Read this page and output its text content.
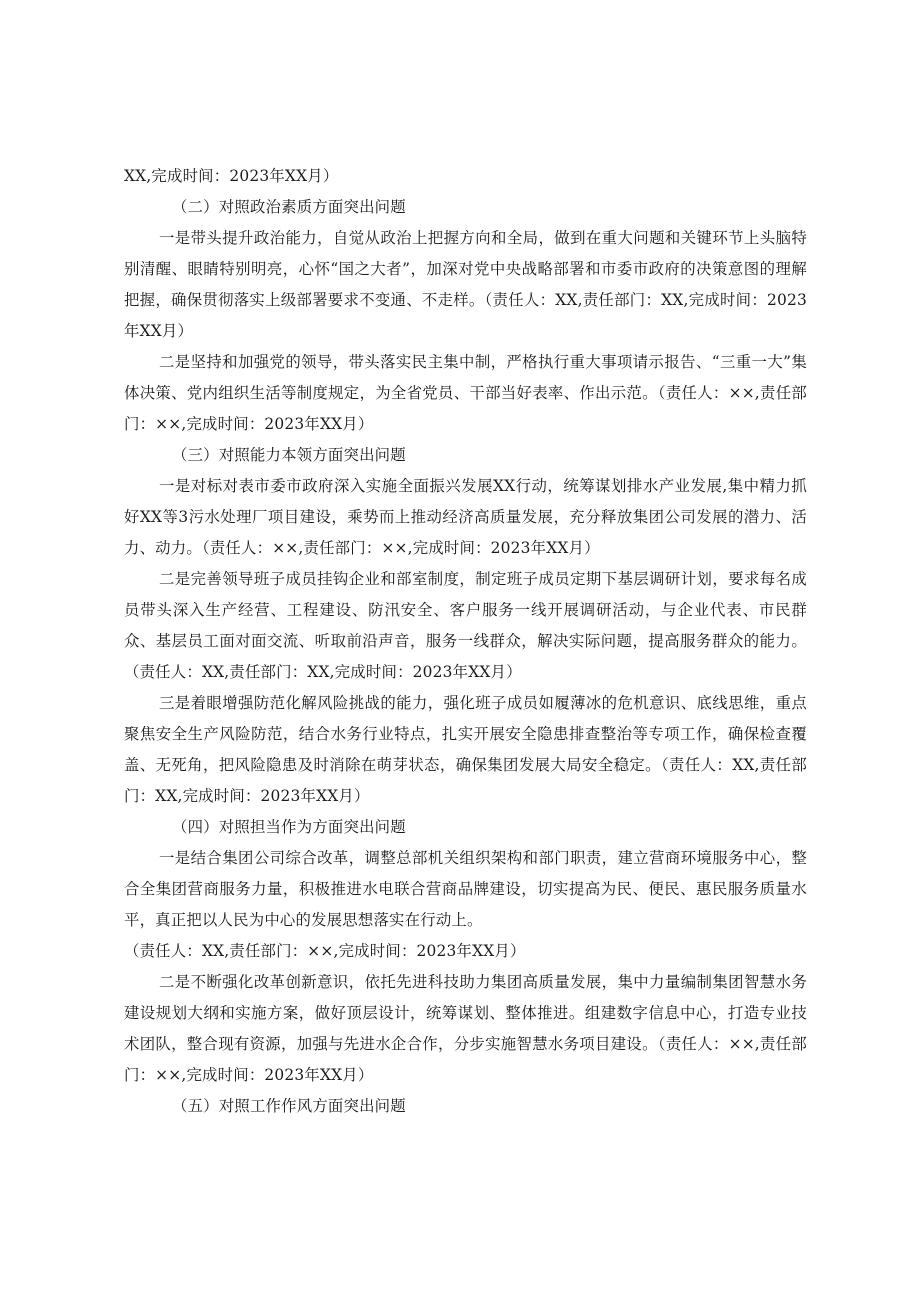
XX,完成时间：2023年XX月）

（二）对照政治素质方面突出问题

一是带头提升政治能力，自觉从政治上把握方向和全局，做到在重大问题和关键环节上头脑特别清醒、眼睛特别明亮，心怀“国之大者”，加深对党中央战略部署和市委市政府的决策意图的理解把握，确保贯彻落实上级部署要求不变通、不走样。（责任人：XX,责任部门：XX,完成时间：2023年XX月）

二是坚持和加强党的领导，带头落实民主集中制，严格执行重大事项请示报告、“三重一大”集体决策、党内组织生活等制度规定，为全省党员、干部当好表率、作出示范。（责任人：××,责任部门：××,完成时间：2023年XX月）

（三）对照能力本领方面突出问题

一是对标对表市委市政府深入实施全面振兴发展XX行动，统筹谋划排水产业发展,集中精力抓好XX等3污水处理厂项目建设，乘势而上推动经济高质量发展，充分释放集团公司发展的潜力、活力、动力。（责任人：××,责任部门：××,完成时间：2023年XX月）

二是完善领导班子成员挂钩企业和部室制度，制定班子成员定期下基层调研计划，要求每名成员带头深入生产经营、工程建设、防汛安全、客户服务一线开展调研活动，与企业代表、市民群众、基层员工面对面交流、听取前沿声音，服务一线群众，解决实际问题，提高服务群众的能力。（责任人：XX,责任部门：XX,完成时间：2023年XX月）

三是着眼增强防范化解风险挑战的能力，强化班子成员如履薄冰的危机意识、底线思维，重点聚焦安全生产风险防范，结合水务行业特点，扎实开展安全隐患排查整治等专项工作，确保检查覆盖、无死角，把风险隐患及时消除在萌芽状态，确保集团发展大局安全稳定。（责任人：XX,责任部门：XX,完成时间：2023年XX月）

（四）对照担当作为方面突出问题

一是结合集团公司综合改革，调整总部机关组织架构和部门职责，建立营商环境服务中心，整合全集团营商服务力量，积极推进水电联合营商品牌建设，切实提高为民、便民、惠民服务质量水平，真正把以人民为中心的发展思想落实在行动上。

（责任人：XX,责任部门：××,完成时间：2023年XX月）

二是不断强化改革创新意识，依托先进科技助力集团高质量发展，集中力量编制集团智慧水务建设规划大纲和实施方案，做好顶层设计，统筹谋划、整体推进。组建数字信息中心，打造专业技术团队，整合现有资源，加强与先进水企合作，分步实施智慧水务项目建设。（责任人：××,责任部门：××,完成时间：2023年XX月）

（五）对照工作作风方面突出问题
